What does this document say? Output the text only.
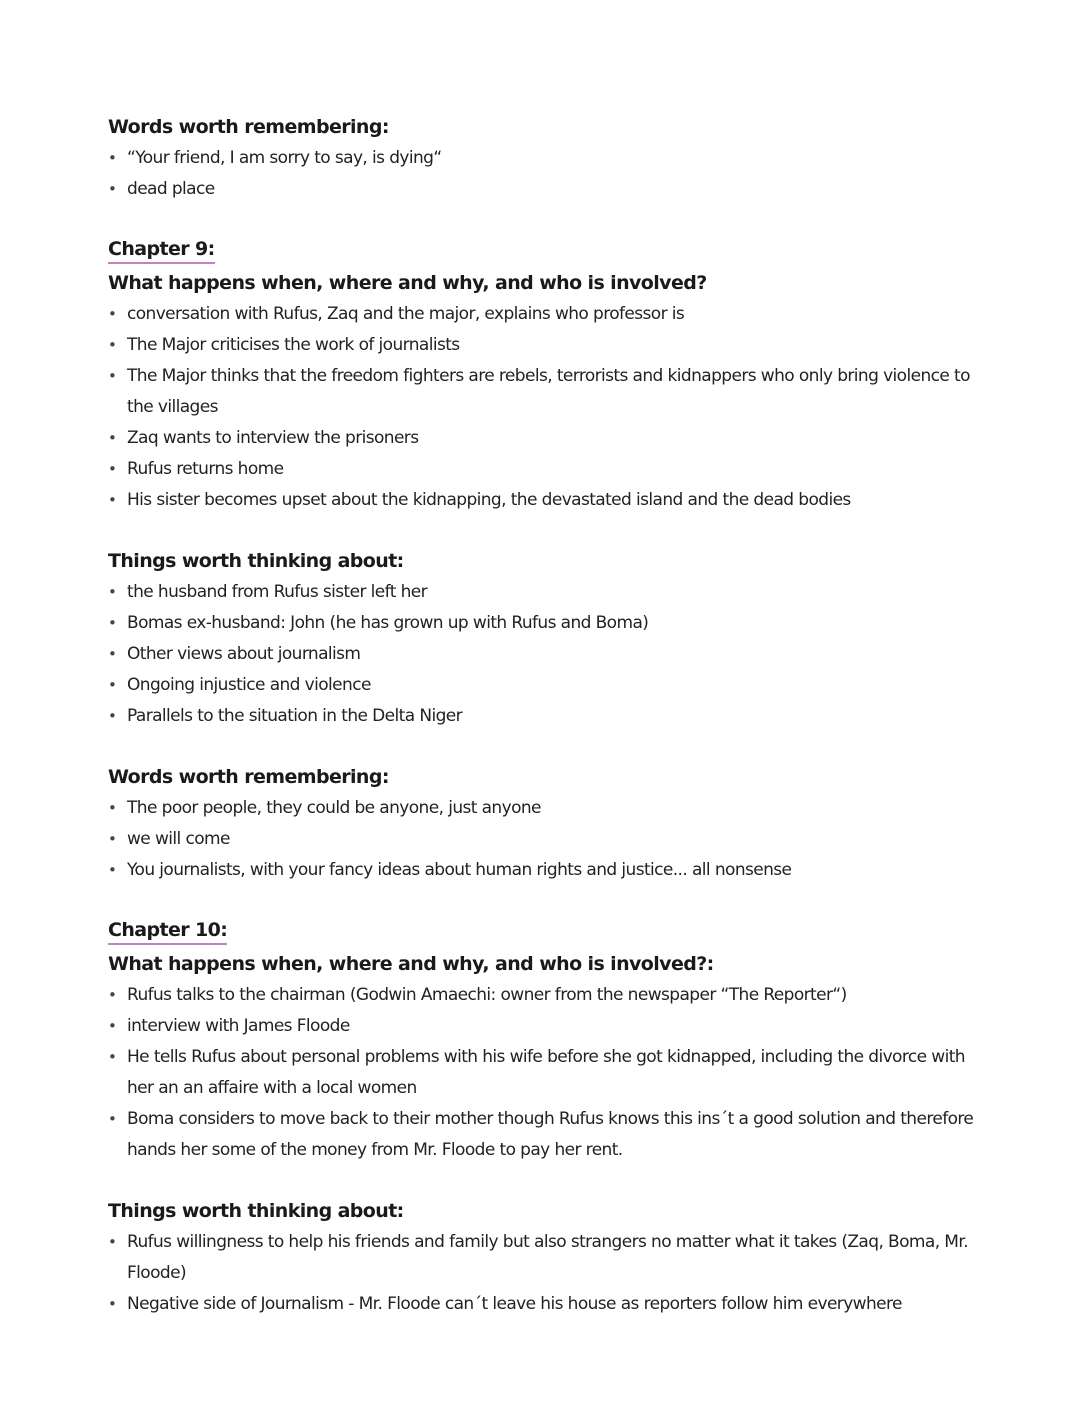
Words worth remembering:
• “Your friend, I am sorry to say, is dying“
• dead place
Chapter 9:
What happens when, where and why, and who is involved?
• conversation with Rufus, Zaq and the major, explains who professor is
• The Major criticises the work of journalists
• The Major thinks that the freedom fighters are rebels, terrorists and kidnappers who only bring violence to the villages
• Zaq wants to interview the prisoners
• Rufus returns home
• His sister becomes upset about the kidnapping, the devastated island and the dead bodies
Things worth thinking about:
• the husband from Rufus sister left her
• Bomas ex-husband: John (he has grown up with Rufus and Boma)
• Other views about journalism
• Ongoing injustice and violence
• Parallels to the situation in the Delta Niger
Words worth remembering:
• The poor people, they could be anyone, just anyone
• we will come
• You journalists, with your fancy ideas about human rights and justice... all nonsense
Chapter 10:
What happens when, where and why, and who is involved?:
• Rufus talks to the chairman (Godwin Amaechi: owner from the newspaper “The Reporter“)
• interview with James Floode
• He tells Rufus about personal problems with his wife before she got kidnapped, including the divorce with her an an affaire with a local women
• Boma considers to move back to their mother though Rufus knows this ins´t a good solution and therefore hands her some of the money from Mr. Floode to pay her rent.
Things worth thinking about:
• Rufus willingness to help his friends and family but also strangers no matter what it takes (Zaq, Boma, Mr. Floode)
• Negative side of Journalism - Mr. Floode can´t leave his house as reporters follow him everywhere
